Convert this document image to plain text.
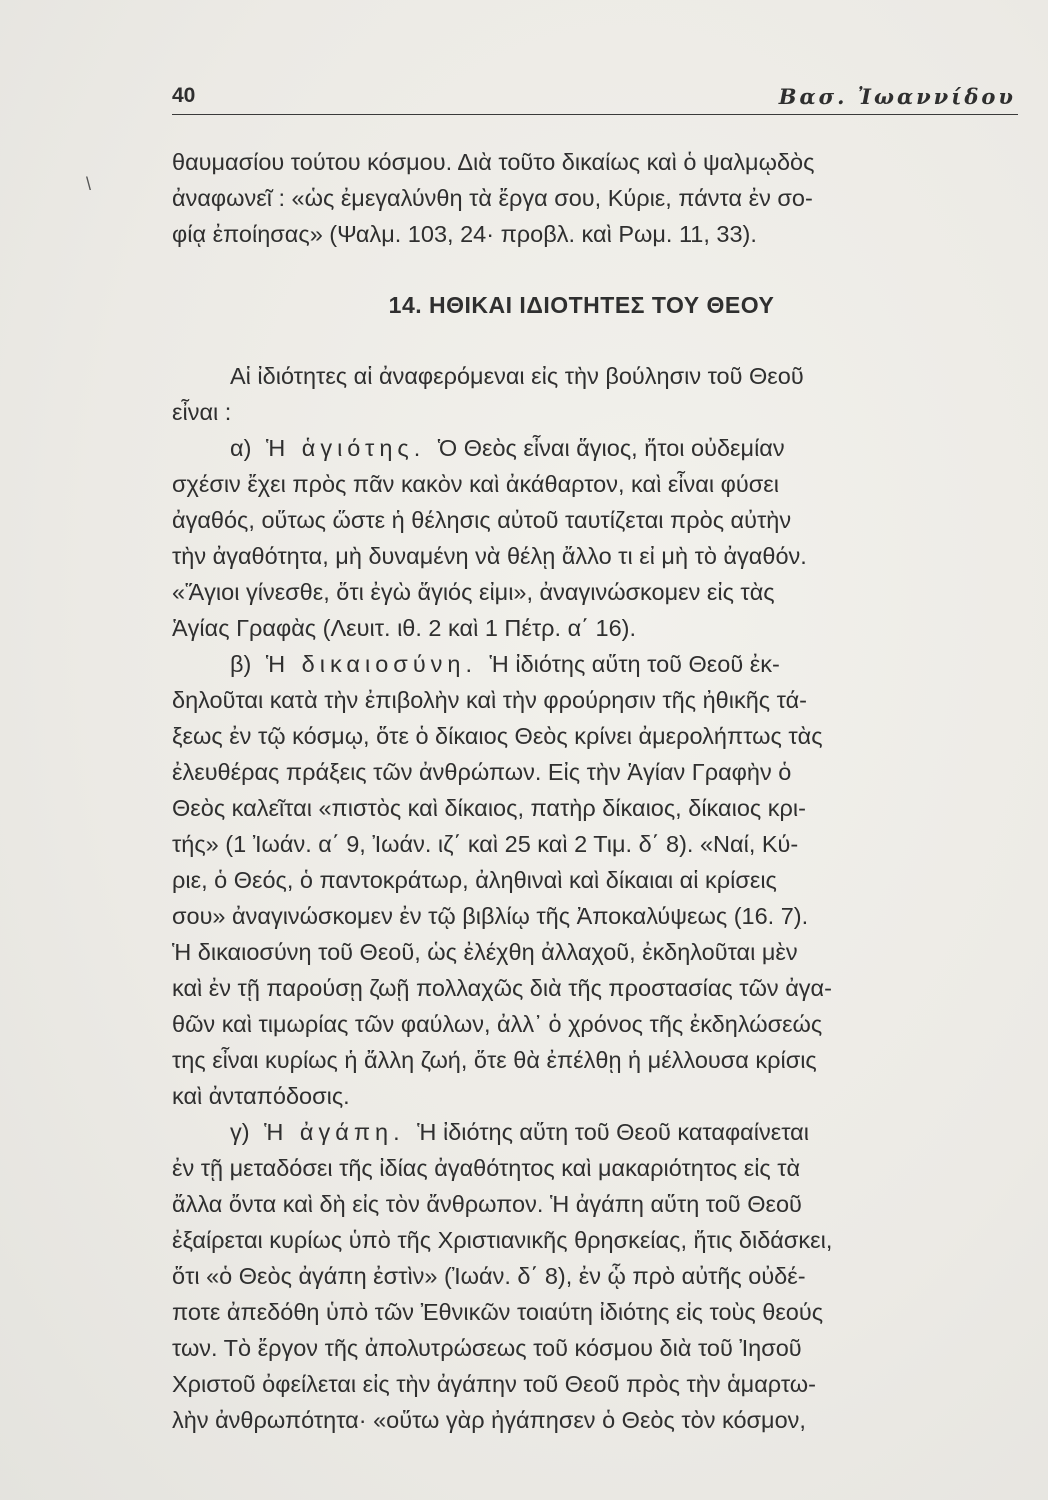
\
40	Βασ. Ἰωαννίδου
θαυμασίου τούτου κόσμου. Διὰ τοῦτο δικαίως καὶ ὁ ψαλμῳδὸς
ἀναφωνεῖ : «ὡς ἐμεγαλύνθη τὰ ἔργα σου, Κύριε, πάντα ἐν σο-
φίᾳ ἐποίησας» (Ψαλμ. 103, 24· προβλ. καὶ Ρωμ. 11, 33).
14. ΗΘΙΚΑΙ ΙΔΙΟΤΗΤΕΣ ΤΟΥ ΘΕΟΥ
Αἱ ἰδιότητες αἱ ἀναφερόμεναι εἰς τὴν βούλησιν τοῦ Θεοῦ
εἶναι :
α) Ἡ ἁγιότης. Ὁ Θεὸς εἶναι ἅγιος, ἤτοι οὐδεμίαν
σχέσιν ἔχει πρὸς πᾶν κακὸν καὶ ἀκάθαρτον, καὶ εἶναι φύσει
ἀγαθός, οὕτως ὥστε ἡ θέλησις αὐτοῦ ταυτίζεται πρὸς αὐτὴν
τὴν ἀγαθότητα, μὴ δυναμένη νὰ θέλῃ ἄλλο τι εἰ μὴ τὸ ἀγαθόν.
«Ἅγιοι γίνεσθε, ὅτι ἐγὼ ἅγιός εἰμι», ἀναγινώσκομεν εἰς τὰς
Ἁγίας Γραφὰς (Λευιτ. ιθ. 2 καὶ 1 Πέτρ. α΄ 16).
β) Ἡ δικαιοσύνη. Ἡ ἰδιότης αὕτη τοῦ Θεοῦ ἐκ-
δηλοῦται κατὰ τὴν ἐπιβολὴν καὶ τὴν φρούρησιν τῆς ἠθικῆς τά-
ξεως ἐν τῷ κόσμῳ, ὅτε ὁ δίκαιος Θεὸς κρίνει ἀμερολήπτως τὰς
ἐλευθέρας πράξεις τῶν ἀνθρώπων. Εἰς τὴν Ἁγίαν Γραφὴν ὁ
Θεὸς καλεῖται «πιστὸς καὶ δίκαιος, πατὴρ δίκαιος, δίκαιος κρι-
τής» (1 Ἰωάν. α΄ 9, Ἰωάν. ιζ΄ καὶ 25 καὶ 2 Τιμ. δ΄ 8). «Ναί, Κύ-
ριε, ὁ Θεός, ὁ παντοκράτωρ, ἀληθιναὶ καὶ δίκαιαι αἱ κρίσεις
σου» ἀναγινώσκομεν ἐν τῷ βιβλίῳ τῆς Ἀποκαλύψεως (16. 7).
Ἡ δικαιοσύνη τοῦ Θεοῦ, ὡς ἐλέχθη ἀλλαχοῦ, ἐκδηλοῦται μὲν
καὶ ἐν τῇ παρούσῃ ζωῇ πολλαχῶς διὰ τῆς προστασίας τῶν ἀγα-
θῶν καὶ τιμωρίας τῶν φαύλων, ἀλλ᾽ ὁ χρόνος τῆς ἐκδηλώσεώς
της εἶναι κυρίως ἡ ἄλλη ζωή, ὅτε θὰ ἐπέλθῃ ἡ μέλλουσα κρίσις
καὶ ἀνταπόδοσις.
γ) Ἡ ἀγάπη. Ἡ ἰδιότης αὕτη τοῦ Θεοῦ καταφαίνεται
ἐν τῇ μεταδόσει τῆς ἰδίας ἀγαθότητος καὶ μακαριότητος εἰς τὰ
ἄλλα ὄντα καὶ δὴ εἰς τὸν ἄνθρωπον. Ἡ ἀγάπη αὕτη τοῦ Θεοῦ
ἐξαίρεται κυρίως ὑπὸ τῆς Χριστιανικῆς θρησκείας, ἥτις διδάσκει,
ὅτι «ὁ Θεὸς ἀγάπη ἐστὶν» (Ἰωάν. δ΄ 8), ἐν ᾧ πρὸ αὐτῆς οὐδέ-
ποτε ἀπεδόθη ὑπὸ τῶν Ἐθνικῶν τοιαύτη ἰδιότης εἰς τοὺς θεούς
των. Τὸ ἔργον τῆς ἀπολυτρώσεως τοῦ κόσμου διὰ τοῦ Ἰησοῦ
Χριστοῦ ὀφείλεται εἰς τὴν ἀγάπην τοῦ Θεοῦ πρὸς τὴν ἁμαρτω-
λὴν ἀνθρωπότητα· «οὕτω γὰρ ἠγάπησεν ὁ Θεὸς τὸν κόσμον,
